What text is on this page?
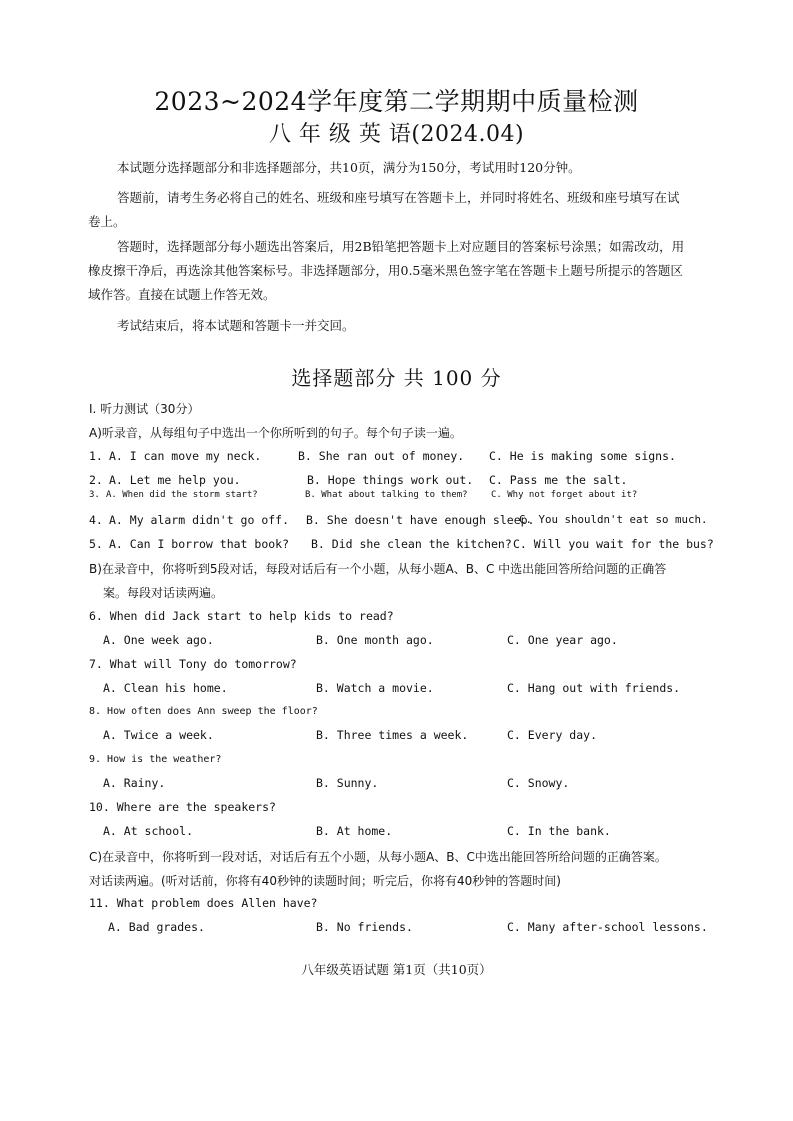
2023~2024学年度第二学期期中质量检测
八 年 级 英 语(2024.04)
本试题分选择题部分和非选择题部分，共10页，满分为150分，考试用时120分钟。
答题前，请考生务必将自己的姓名、班级和座号填写在答题卡上，并同时将姓名、班级和座号填写在试
卷上。
答题时，选择题部分每小题选出答案后，用2B铅笔把答题卡上对应题目的答案标号涂黑；如需改动，用
橡皮擦干净后，再选涂其他答案标号。非选择题部分，用0.5毫米黑色签字笔在答题卡上题号所提示的答题区
域作答。直接在试题上作答无效。
考试结束后，将本试题和答题卡一并交回。
选择题部分 共 100 分
I. 听力测试（30分）
A)听录音，从每组句子中选出一个你所听到的句子。每个句子读一遍。
1. A. I can move my neck.	B. She ran out of money. C. He is making some signs.
2. A. Let me help you.	B. Hope things work out. C. Pass me the salt.
3. A. When did the storm start?	B. What about talking to them?	C. Why not forget about it?
4. A. My alarm didn't go off. B. She doesn't have enough sleep.
C. You shouldn't eat so much.
5. A. Can I borrow that book? B. Did she clean the kitchen? C. Will you wait for the bus?
B)在录音中，你将听到5段对话，每段对话后有一个小题，从每小题A、B、C 中选出能回答所给问题的正确答
案。每段对话读两遍。
6. When did Jack start to help kids to read?
A. One week ago.	B. One month ago.	C. One year ago.
7. What will Tony do tomorrow?
A. Clean his home.	B. Watch a movie.	C. Hang out with friends.
8. How often does Ann sweep the floor?
A. Twice a week.	B. Three times a week.	C. Every day.
9. How is the weather?
A. Rainy.	B. Sunny.	C. Snowy.
10. Where are the speakers?
A. At school.	B. At home.	C. In the bank.
C)在录音中，你将听到一段对话，对话后有五个小题，从每小题A、B、C中选出能回答所给问题的正确答案。
对话读两遍。(听对话前，你将有40秒钟的读题时间；听完后，你将有40秒钟的答题时间)
11. What problem does Allen have?
A. Bad grades.	B. No friends.	C. Many after-school lessons.
八年级英语试题 第1页（共10页）
